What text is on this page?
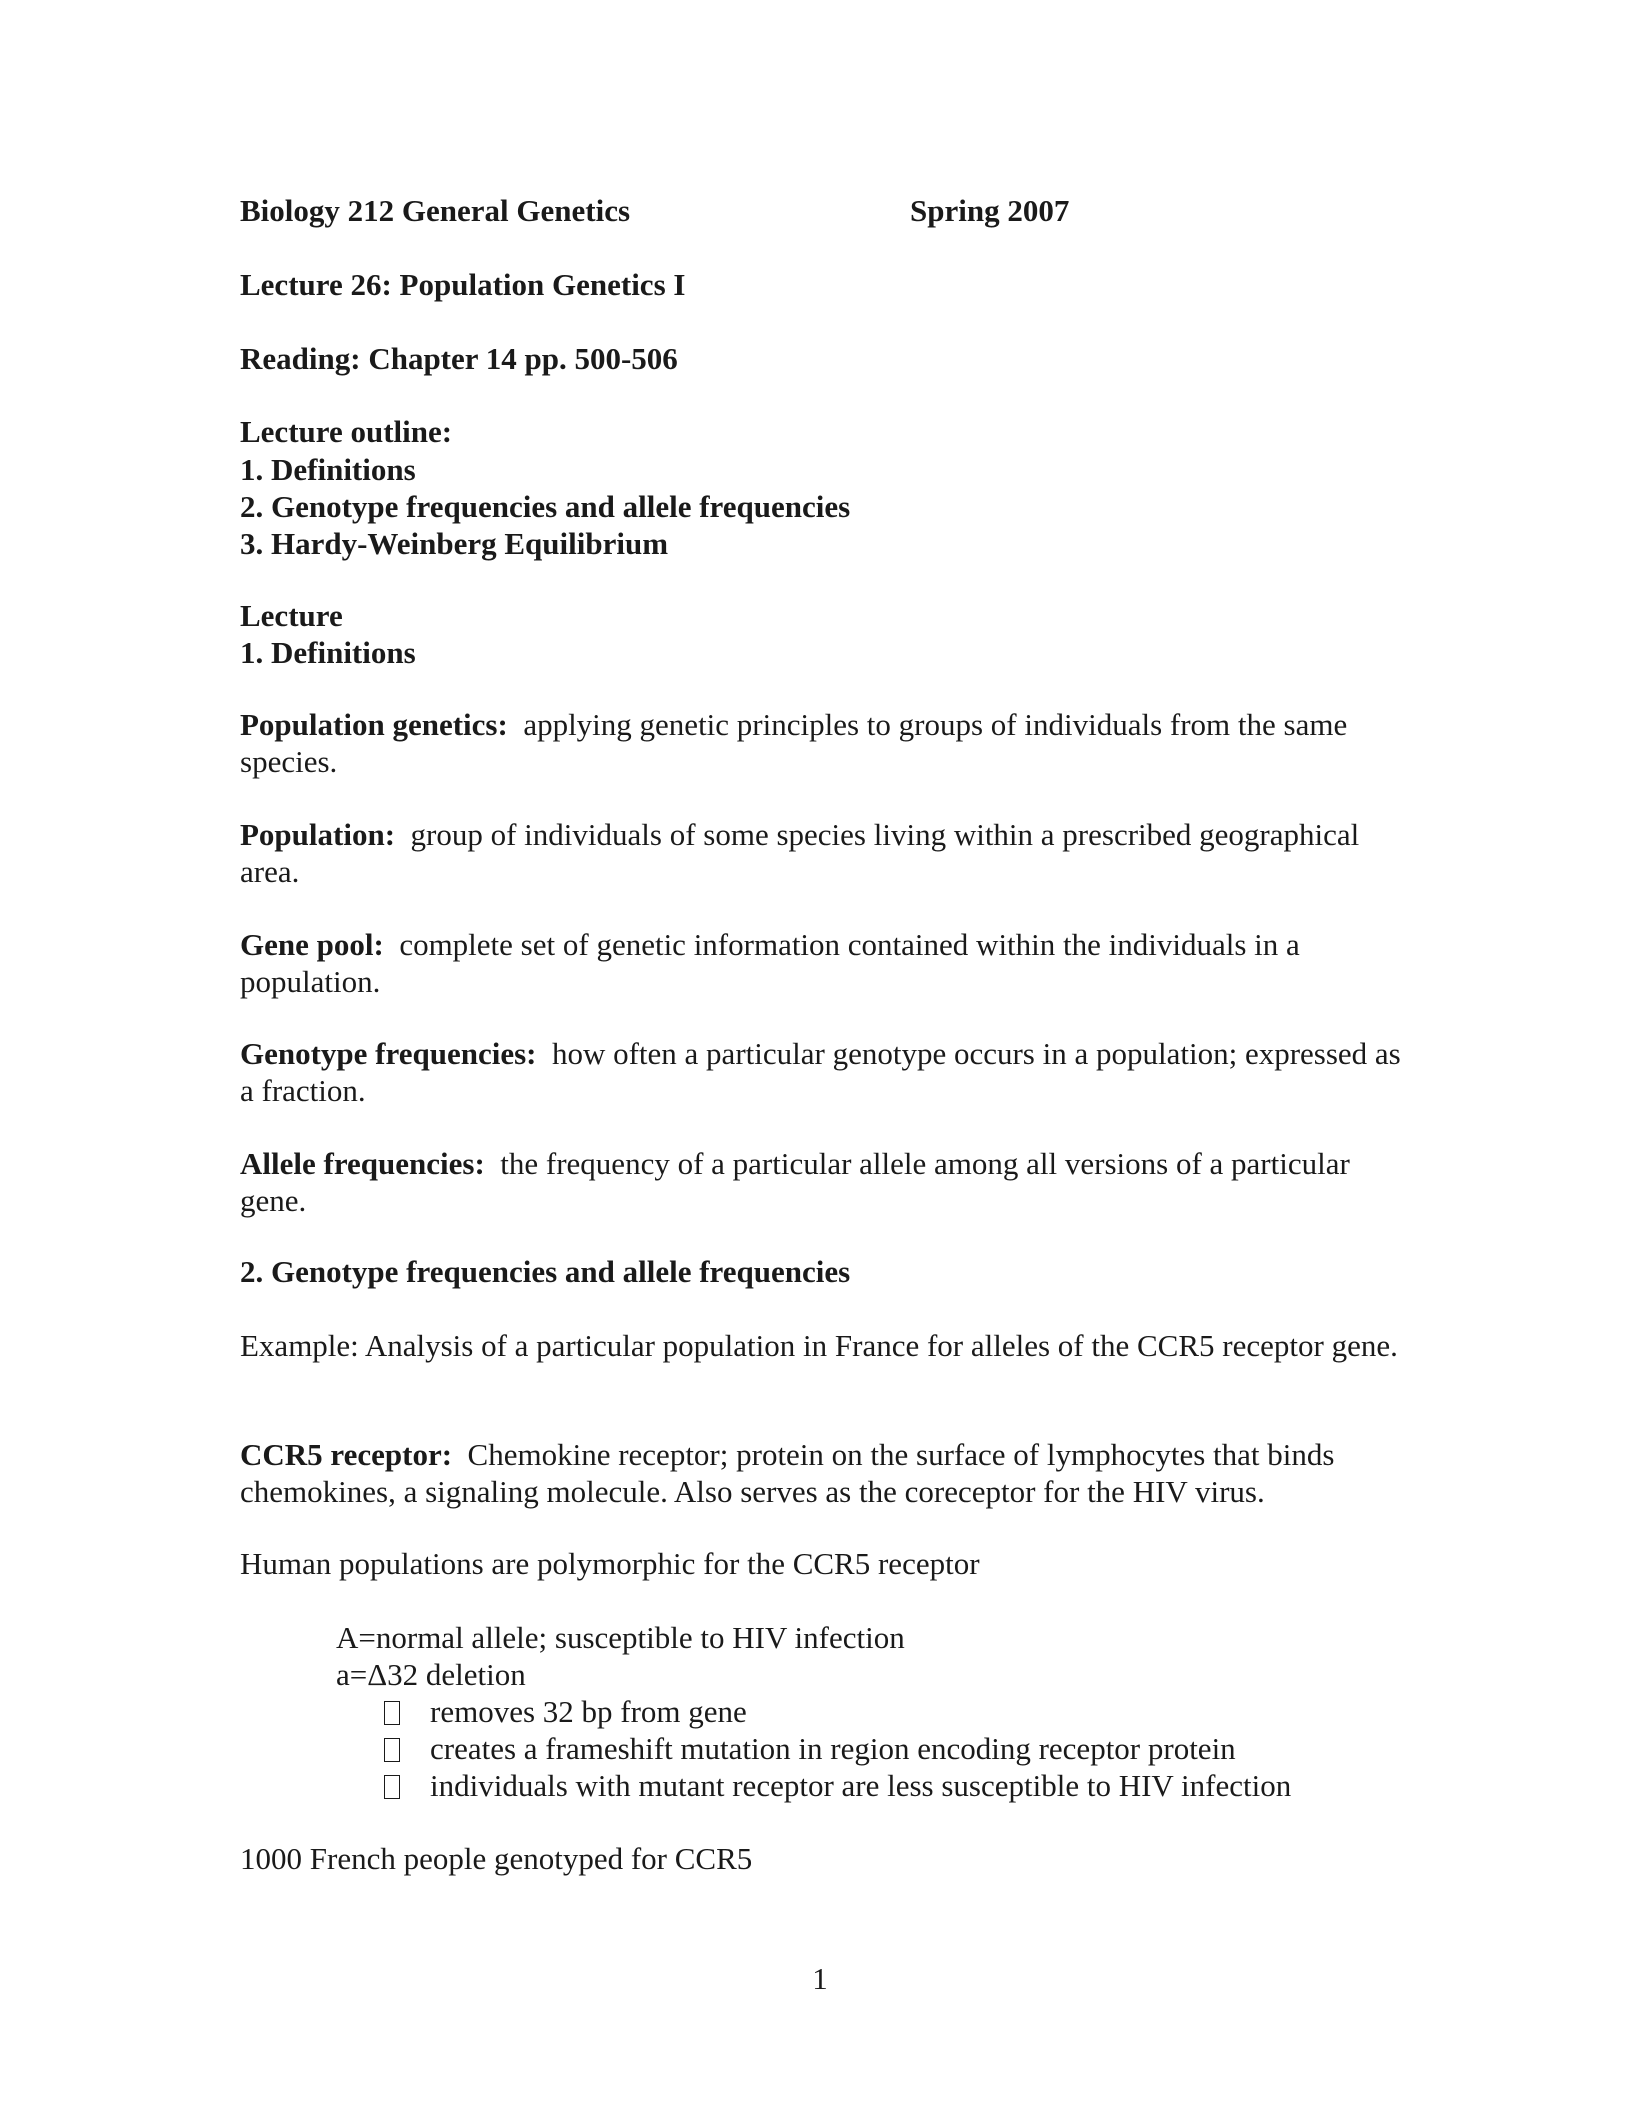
Biology 212 General Genetics	Spring 2007
Lecture 26: Population Genetics I
Reading: Chapter 14 pp. 500-506
Lecture outline:
1. Definitions
2. Genotype frequencies and allele frequencies
3. Hardy-Weinberg Equilibrium
Lecture
1. Definitions
Population genetics: applying genetic principles to groups of individuals from the same species.
Population: group of individuals of some species living within a prescribed geographical area.
Gene pool: complete set of genetic information contained within the individuals in a population.
Genotype frequencies: how often a particular genotype occurs in a population; expressed as a fraction.
Allele frequencies: the frequency of a particular allele among all versions of a particular gene.
2. Genotype frequencies and allele frequencies
Example: Analysis of a particular population in France for alleles of the CCR5 receptor gene.
CCR5 receptor: Chemokine receptor; protein on the surface of lymphocytes that binds chemokines, a signaling molecule. Also serves as the coreceptor for the HIV virus.
Human populations are polymorphic for the CCR5 receptor
A=normal allele; susceptible to HIV infection
a=Δ32 deletion
removes 32 bp from gene
creates a frameshift mutation in region encoding receptor protein
individuals with mutant receptor are less susceptible to HIV infection
1000 French people genotyped for CCR5
1
